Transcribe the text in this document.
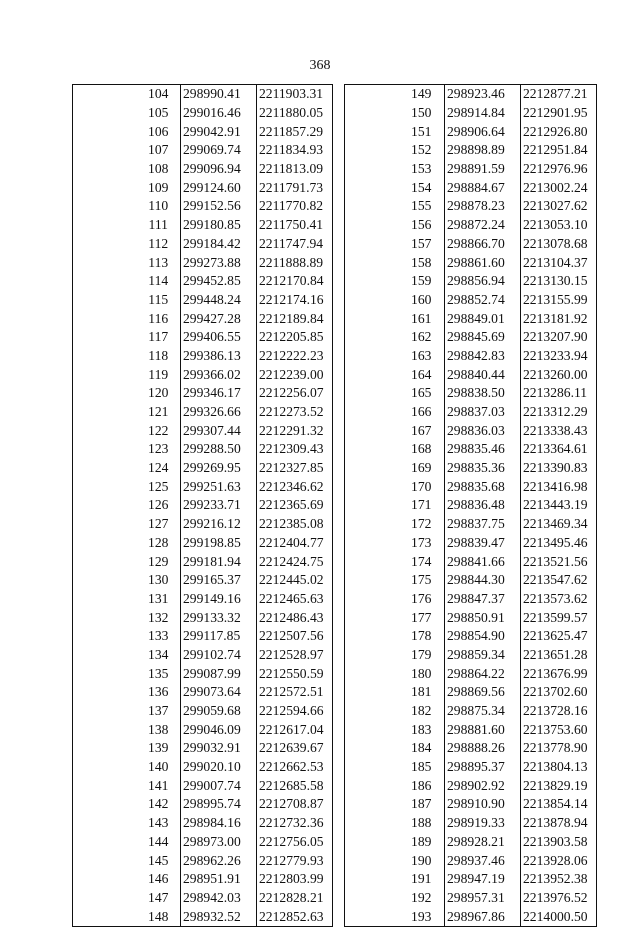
368
	104	298990.41	2211903.31
	105	299016.46	2211880.05
	106	299042.91	2211857.29
	107	299069.74	2211834.93
	108	299096.94	2211813.09
	109	299124.60	2211791.73
	110	299152.56	2211770.82
	111	299180.85	2211750.41
	112	299184.42	2211747.94
	113	299273.88	2211888.89
	114	299452.85	2212170.84
	115	299448.24	2212174.16
	116	299427.28	2212189.84
	117	299406.55	2212205.85
	118	299386.13	2212222.23
	119	299366.02	2212239.00
	120	299346.17	2212256.07
	121	299326.66	2212273.52
	122	299307.44	2212291.32
	123	299288.50	2212309.43
	124	299269.95	2212327.85
	125	299251.63	2212346.62
	126	299233.71	2212365.69
	127	299216.12	2212385.08
	128	299198.85	2212404.77
	129	299181.94	2212424.75
	130	299165.37	2212445.02
	131	299149.16	2212465.63
	132	299133.32	2212486.43
	133	299117.85	2212507.56
	134	299102.74	2212528.97
	135	299087.99	2212550.59
	136	299073.64	2212572.51
	137	299059.68	2212594.66
	138	299046.09	2212617.04
	139	299032.91	2212639.67
	140	299020.10	2212662.53
	141	299007.74	2212685.58
	142	298995.74	2212708.87
	143	298984.16	2212732.36
	144	298973.00	2212756.05
	145	298962.26	2212779.93
	146	298951.91	2212803.99
	147	298942.03	2212828.21
	148	298932.52	2212852.63
	149	298923.46	2212877.21
	150	298914.84	2212901.95
	151	298906.64	2212926.80
	152	298898.89	2212951.84
	153	298891.59	2212976.96
	154	298884.67	2213002.24
	155	298878.23	2213027.62
	156	298872.24	2213053.10
	157	298866.70	2213078.68
	158	298861.60	2213104.37
	159	298856.94	2213130.15
	160	298852.74	2213155.99
	161	298849.01	2213181.92
	162	298845.69	2213207.90
	163	298842.83	2213233.94
	164	298840.44	2213260.00
	165	298838.50	2213286.11
	166	298837.03	2213312.29
	167	298836.03	2213338.43
	168	298835.46	2213364.61
	169	298835.36	2213390.83
	170	298835.68	2213416.98
	171	298836.48	2213443.19
	172	298837.75	2213469.34
	173	298839.47	2213495.46
	174	298841.66	2213521.56
	175	298844.30	2213547.62
	176	298847.37	2213573.62
	177	298850.91	2213599.57
	178	298854.90	2213625.47
	179	298859.34	2213651.28
	180	298864.22	2213676.99
	181	298869.56	2213702.60
	182	298875.34	2213728.16
	183	298881.60	2213753.60
	184	298888.26	2213778.90
	185	298895.37	2213804.13
	186	298902.92	2213829.19
	187	298910.90	2213854.14
	188	298919.33	2213878.94
	189	298928.21	2213903.58
	190	298937.46	2213928.06
	191	298947.19	2213952.38
	192	298957.31	2213976.52
	193	298967.86	2214000.50
